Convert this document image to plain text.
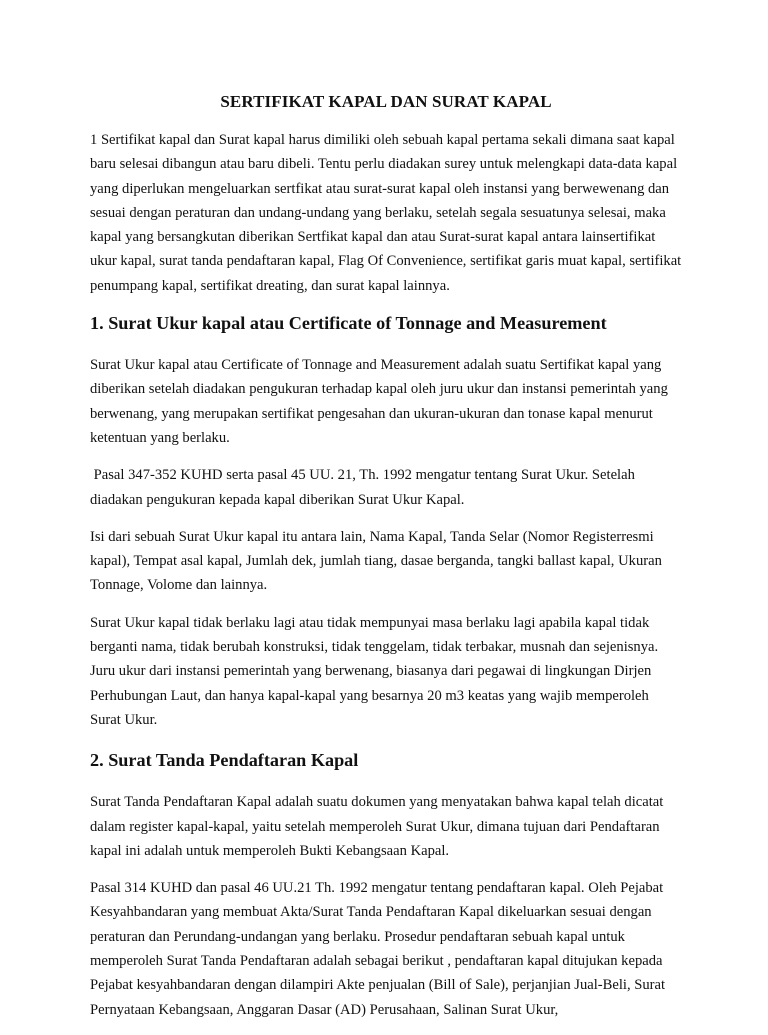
SERTIFIKAT KAPAL DAN SURAT KAPAL

1 Sertifikat kapal dan Surat kapal harus dimiliki oleh sebuah kapal pertama sekali dimana saat kapal baru selesai dibangun atau baru dibeli. Tentu perlu diadakan surey untuk melengkapi data-data kapal yang diperlukan mengeluarkan sertfikat atau surat-surat kapal oleh instansi yang berwewenang dan sesuai dengan peraturan dan undang-undang yang berlaku, setelah segala sesuatunya selesai, maka kapal yang bersangkutan diberikan Sertfikat kapal dan atau Surat-surat kapal antara lainsertifikat ukur kapal, surat tanda pendaftaran kapal, Flag Of Convenience, sertifikat garis muat kapal, sertifikat penumpang kapal, sertifikat dreating, dan surat kapal lainnya.

1. Surat Ukur kapal atau Certificate of Tonnage and Measurement

Surat Ukur kapal atau Certificate of Tonnage and Measurement adalah suatu Sertifikat kapal yang diberikan setelah diadakan pengukuran terhadap kapal oleh juru ukur dan instansi pemerintah yang berwenang, yang merupakan sertifikat pengesahan dan ukuran-ukuran dan tonase kapal menurut ketentuan yang berlaku.

Pasal 347-352 KUHD serta pasal 45 UU. 21, Th. 1992 mengatur tentang Surat Ukur. Setelah diadakan pengukuran kepada kapal diberikan Surat Ukur Kapal.

Isi dari sebuah Surat Ukur kapal itu antara lain, Nama Kapal, Tanda Selar (Nomor Registerresmi kapal), Tempat asal kapal, Jumlah dek, jumlah tiang, dasae berganda, tangki ballast kapal, Ukuran Tonnage, Volome dan lainnya.

Surat Ukur kapal tidak berlaku lagi atau tidak mempunyai masa berlaku lagi apabila kapal tidak berganti nama, tidak berubah konstruksi, tidak tenggelam, tidak terbakar, musnah dan sejenisnya. Juru ukur dari instansi pemerintah yang berwenang, biasanya dari pegawai di lingkungan Dirjen Perhubungan Laut, dan hanya kapal-kapal yang besarnya 20 m3 keatas yang wajib memperoleh Surat Ukur.

2. Surat Tanda Pendaftaran Kapal

Surat Tanda Pendaftaran Kapal adalah suatu dokumen yang menyatakan bahwa kapal telah dicatat dalam register kapal-kapal, yaitu setelah memperoleh Surat Ukur, dimana tujuan dari Pendaftaran kapal ini adalah untuk memperoleh Bukti Kebangsaan Kapal.

Pasal 314 KUHD dan pasal 46 UU.21 Th. 1992 mengatur tentang pendaftaran kapal. Oleh Pejabat Kesyahbandaran yang membuat Akta/Surat Tanda Pendaftaran Kapal dikeluarkan sesuai dengan peraturan dan Perundang-undangan yang berlaku. Prosedur pendaftaran sebuah kapal untuk memperoleh Surat Tanda Pendaftaran adalah sebagai berikut , pendaftaran kapal ditujukan kepada Pejabat kesyahbandaran dengan dilampiri Akte penjualan (Bill of Sale), perjanjian Jual-Beli, Surat Pernyataan Kebangsaan, Anggaran Dasar (AD) Perusahaan, Salinan Surat Ukur,
